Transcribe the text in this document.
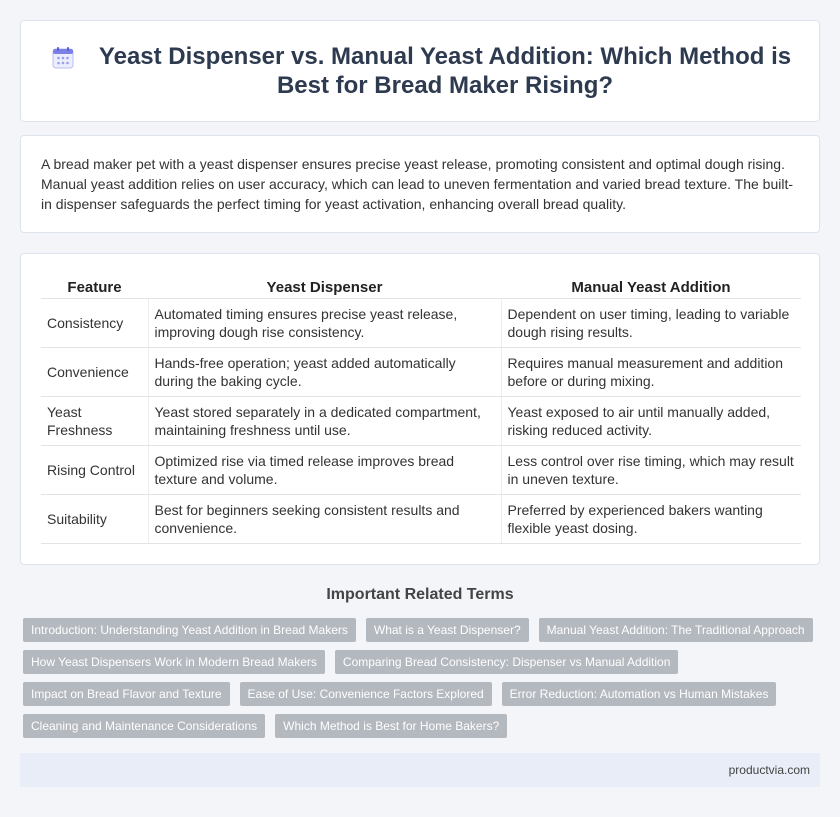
Yeast Dispenser vs. Manual Yeast Addition: Which Method is Best for Bread Maker Rising?

A bread maker pet with a yeast dispenser ensures precise yeast release, promoting consistent and optimal dough rising. Manual yeast addition relies on user accuracy, which can lead to uneven fermentation and varied bread texture. The built-in dispenser safeguards the perfect timing for yeast activation, enhancing overall bread quality.

Feature	Yeast Dispenser	Manual Yeast Addition
Consistency	Automated timing ensures precise yeast release, improving dough rise consistency.	Dependent on user timing, leading to variable dough rising results.
Convenience	Hands-free operation; yeast added automatically during the baking cycle.	Requires manual measurement and addition before or during mixing.
Yeast Freshness	Yeast stored separately in a dedicated compartment, maintaining freshness until use.	Yeast exposed to air until manually added, risking reduced activity.
Rising Control	Optimized rise via timed release improves bread texture and volume.	Less control over rise timing, which may result in uneven texture.
Suitability	Best for beginners seeking consistent results and convenience.	Preferred by experienced bakers wanting flexible yeast dosing.
Important Related Terms
Introduction: Understanding Yeast Addition in Bread Makers	What is a Yeast Dispenser?	Manual Yeast Addition: The Traditional Approach
How Yeast Dispensers Work in Modern Bread Makers	Comparing Bread Consistency: Dispenser vs Manual Addition
Impact on Bread Flavor and Texture	Ease of Use: Convenience Factors Explored	Error Reduction: Automation vs Human Mistakes
Cleaning and Maintenance Considerations	Which Method is Best for Home Bakers?
productvia.com
